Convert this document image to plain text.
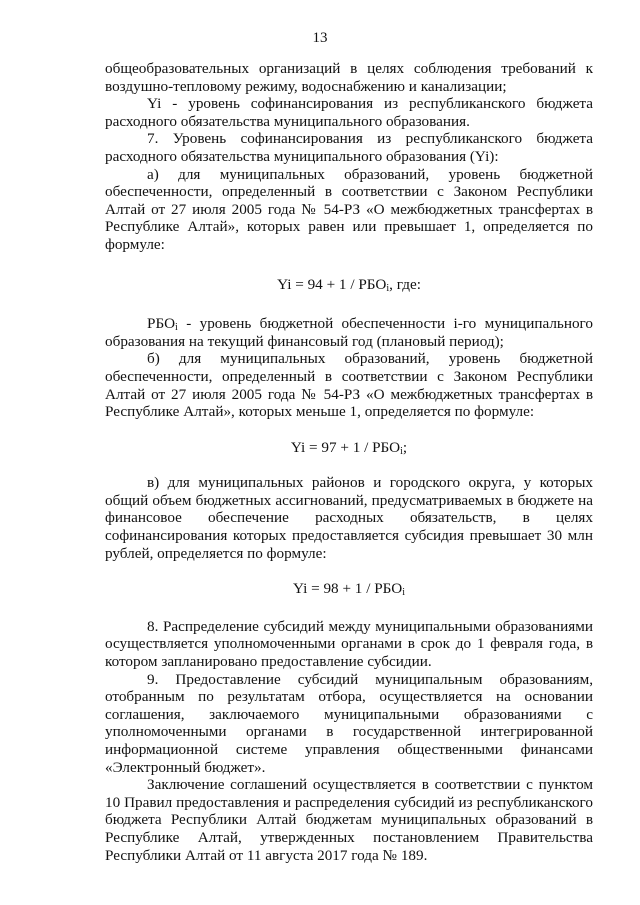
13

общеобразовательных организаций в целях соблюдения требований к воздушно-тепловому режиму, водоснабжению и канализации;

Yi - уровень софинансирования из республиканского бюджета расходного обязательства муниципального образования.

7. Уровень софинансирования из республиканского бюджета расходного обязательства муниципального образования (Yi):

а) для муниципальных образований, уровень бюджетной обеспеченности, определенный в соответствии с Законом Республики Алтай от 27 июля 2005 года № 54-РЗ «О межбюджетных трансфертах в Республике Алтай», которых равен или превышает 1, определяется по формуле:

$Yi = 94 + 1 / РБО_i$, где:

$РБО_i$ - уровень бюджетной обеспеченности i-го муниципального образования на текущий финансовый год (плановый период);

б) для муниципальных образований, уровень бюджетной обеспеченности, определенный в соответствии с Законом Республики Алтай от 27 июля 2005 года № 54-РЗ «О межбюджетных трансфертах в Республике Алтай», которых меньше 1, определяется по формуле:

$Yi = 97 + 1 / РБО_i$;

в) для муниципальных районов и городского округа, у которых общий объем бюджетных ассигнований, предусматриваемых в бюджете на финансовое обеспечение расходных обязательств, в целях софинансирования которых предоставляется субсидия превышает 30 млн рублей, определяется по формуле:

$Yi = 98 + 1 / РБО_i$

8. Распределение субсидий между муниципальными образованиями осуществляется уполномоченными органами в срок до 1 февраля года, в котором запланировано предоставление субсидии.

9. Предоставление субсидий муниципальным образованиям, отобранным по результатам отбора, осуществляется на основании соглашения, заключаемого муниципальными образованиями с уполномоченными органами в государственной интегрированной информационной системе управления общественными финансами «Электронный бюджет».

Заключение соглашений осуществляется в соответствии с пунктом 10 Правил предоставления и распределения субсидий из республиканского бюджета Республики Алтай бюджетам муниципальных образований в Республике Алтай, утвержденных постановлением Правительства Республики Алтай от 11 августа 2017 года № 189.
